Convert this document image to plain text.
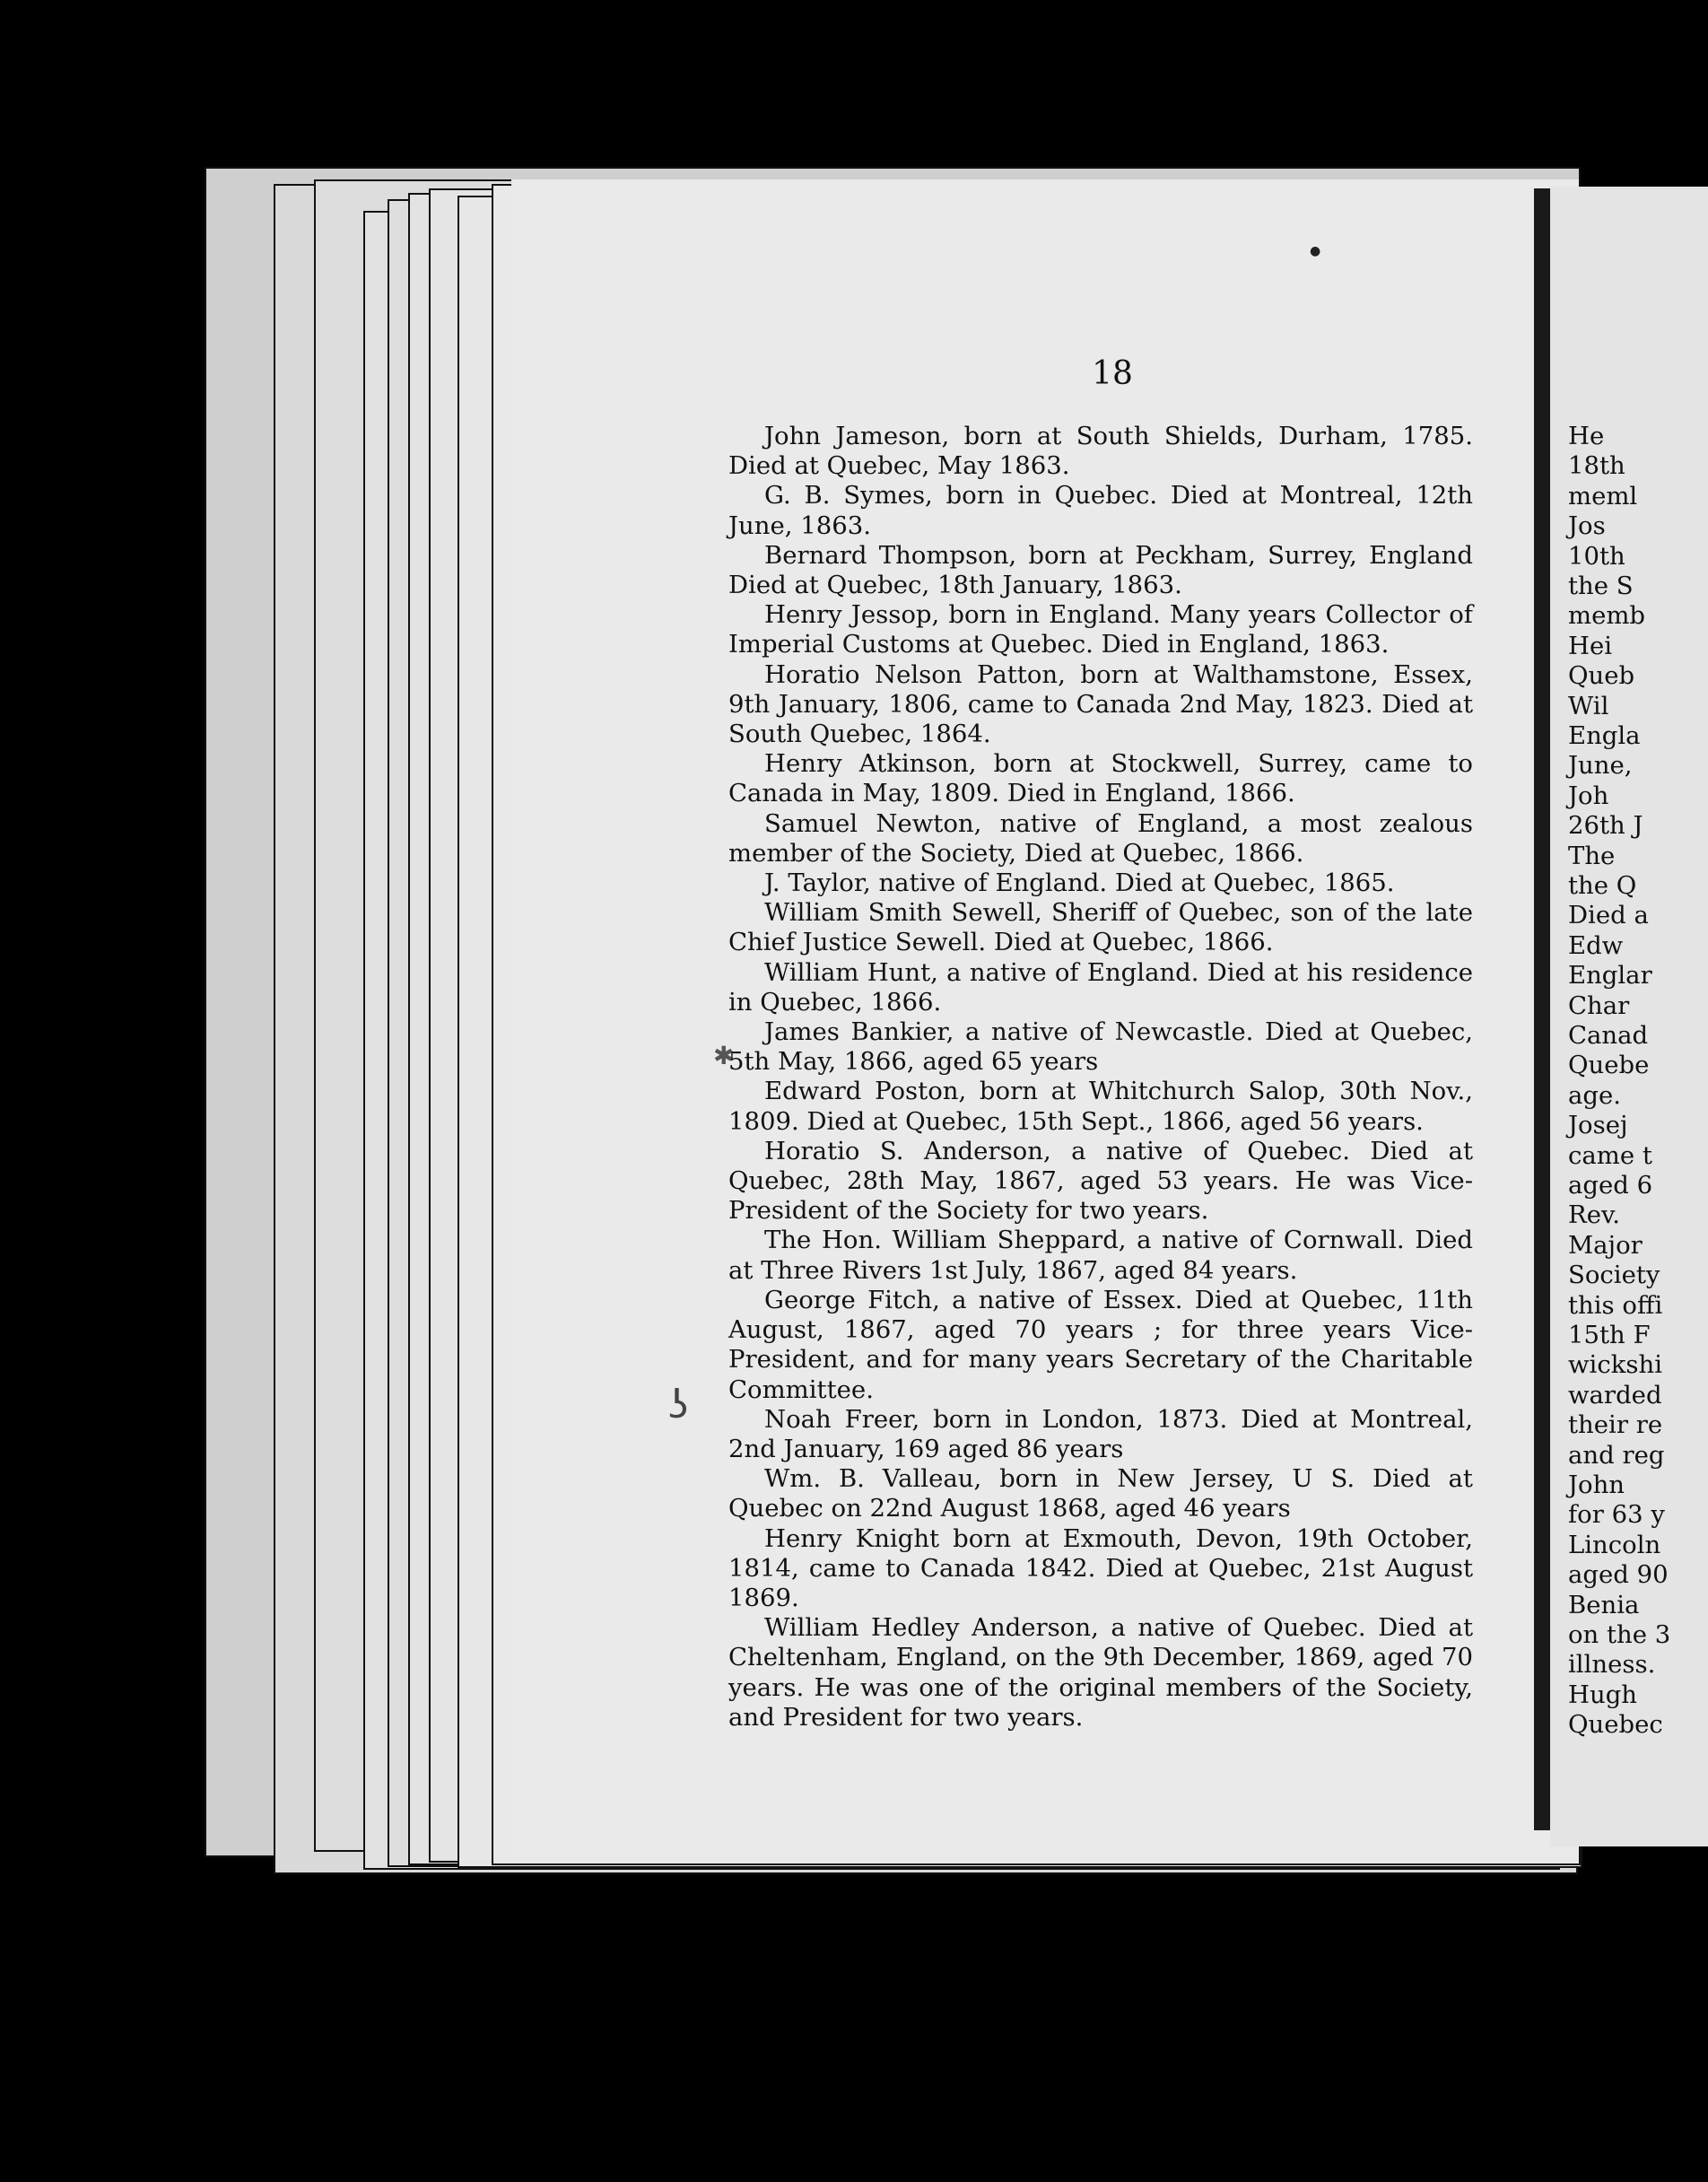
He
18th
meml
Jos
10th
the S
memb
Hei
Queb
Wil
Engla
June,
Joh
26th J
The
the Q
Died a
Edw
Englar
Char
Canad
Quebe
age.
Josej
came t
aged 6
Rev.
Major
Society
this offi
15th F
wickshi
warded
their re
and reg
John
for 63 y
Lincoln
aged 90
Benia
on the 3
illness.
Hugh
Quebec
●
✱
ʖ
18

John Jameson, born at South Shields, Durham, 1785. Died at Quebec, May 1863.

G. B. Symes, born in Quebec. Died at Montreal, 12th June, 1863.

Bernard Thompson, born at Peckham, Surrey, England Died at Quebec, 18th January, 1863.

Henry Jessop, born in England. Many years Collector of Imperial Customs at Quebec. Died in England, 1863.

Horatio Nelson Patton, born at Walthamstone, Essex, 9th January, 1806, came to Canada 2nd May, 1823. Died at South Quebec, 1864.

Henry Atkinson, born at Stockwell, Surrey, came to Canada in May, 1809. Died in England, 1866.

Samuel Newton, native of England, a most zealous member of the Society, Died at Quebec, 1866.

J. Taylor, native of England. Died at Quebec, 1865.

William Smith Sewell, Sheriff of Quebec, son of the late Chief Justice Sewell. Died at Quebec, 1866.

William Hunt, a native of England. Died at his residence in Quebec, 1866.

James Bankier, a native of Newcastle. Died at Quebec, 5th May, 1866, aged 65 years

Edward Poston, born at Whitchurch Salop, 30th Nov., 1809. Died at Quebec, 15th Sept., 1866, aged 56 years.

Horatio S. Anderson, a native of Quebec. Died at Quebec, 28th May, 1867, aged 53 years. He was Vice-President of the Society for two years.

The Hon. William Sheppard, a native of Cornwall. Died at Three Rivers 1st July, 1867, aged 84 years.

George Fitch, a native of Essex. Died at Quebec, 11th August, 1867, aged 70 years ; for three years Vice-President, and for many years Secretary of the Charitable Committee.

Noah Freer, born in London, 1873. Died at Montreal, 2nd January, 169 aged 86 years

Wm. B. Valleau, born in New Jersey, U S. Died at Quebec on 22nd August 1868, aged 46 years

Henry Knight born at Exmouth, Devon, 19th October, 1814, came to Canada 1842. Died at Quebec, 21st August 1869.

William Hedley Anderson, a native of Quebec. Died at Cheltenham, England, on the 9th December, 1869, aged 70 years. He was one of the original members of the Society, and President for two years.
